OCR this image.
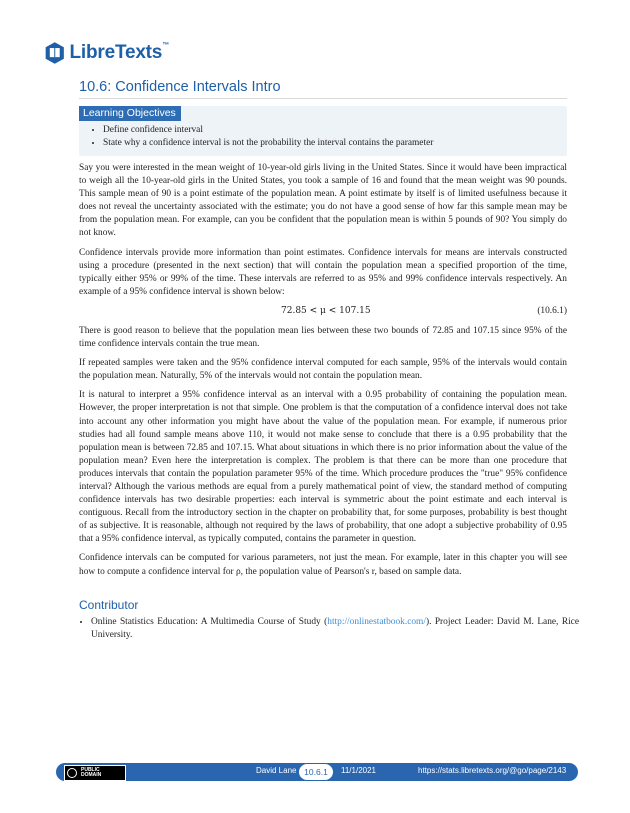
LibreTexts™
10.6: Confidence Intervals Intro
Learning Objectives
• Define confidence interval
• State why a confidence interval is not the probability the interval contains the parameter

Say you were interested in the mean weight of 10-year-old girls living in the United States. Since it would have been impractical to weigh all the 10-year-old girls in the United States, you took a sample of 16 and found that the mean weight was 90 pounds. This sample mean of 90 is a point estimate of the population mean. A point estimate by itself is of limited usefulness because it does not reveal the uncertainty associated with the estimate; you do not have a good sense of how far this sample mean may be from the population mean. For example, can you be confident that the population mean is within 5 pounds of 90? You simply do not know.

Confidence intervals provide more information than point estimates. Confidence intervals for means are intervals constructed using a procedure (presented in the next section) that will contain the population mean a specified proportion of the time, typically either 95% or 99% of the time. These intervals are referred to as 95% and 99% confidence intervals respectively. An example of a 95% confidence interval is shown below:

72.85 < μ < 107.15	(10.6.1)

There is good reason to believe that the population mean lies between these two bounds of 72.85 and 107.15 since 95% of the time confidence intervals contain the true mean.

If repeated samples were taken and the 95% confidence interval computed for each sample, 95% of the intervals would contain the population mean. Naturally, 5% of the intervals would not contain the population mean.

It is natural to interpret a 95% confidence interval as an interval with a 0.95 probability of containing the population mean. However, the proper interpretation is not that simple. One problem is that the computation of a confidence interval does not take into account any other information you might have about the value of the population mean. For example, if numerous prior studies had all found sample means above 110, it would not make sense to conclude that there is a 0.95 probability that the population mean is between 72.85 and 107.15. What about situations in which there is no prior information about the value of the population mean? Even here the interpretation is complex. The problem is that there can be more than one procedure that produces intervals that contain the population parameter 95% of the time. Which procedure produces the "true" 95% confidence interval? Although the various methods are equal from a purely mathematical point of view, the standard method of computing confidence intervals has two desirable properties: each interval is symmetric about the point estimate and each interval is contiguous. Recall from the introductory section in the chapter on probability that, for some purposes, probability is best thought of as subjective. It is reasonable, although not required by the laws of probability, that one adopt a subjective probability of 0.95 that a 95% confidence interval, as typically computed, contains the parameter in question.

Confidence intervals can be computed for various parameters, not just the mean. For example, later in this chapter you will see how to compute a confidence interval for ρ, the population value of Pearson's r, based on sample data.

Contributor
• Online Statistics Education: A Multimedia Course of Study (http://onlinestatbook.com/). Project Leader: David M. Lane, Rice University.
PUBLIC
DOMAIN	David Lane 10.6.1	11/1/2021	https://stats.libretexts.org/@go/page/2143
